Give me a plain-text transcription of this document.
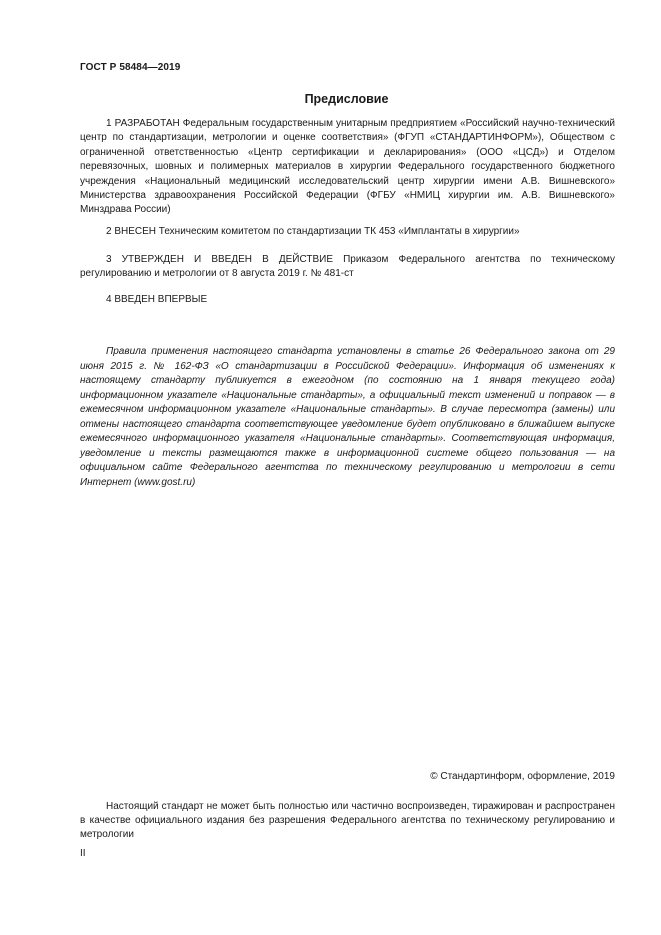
ГОСТ Р 58484—2019
Предисловие

1 РАЗРАБОТАН Федеральным государственным унитарным предприятием «Российский научно-технический центр по стандартизации, метрологии и оценке соответствия» (ФГУП «СТАНДАРТИНФОРМ»), Обществом с ограниченной ответственностью «Центр сертификации и декларирования» (ООО «ЦСД») и Отделом перевязочных, шовных и полимерных материалов в хирургии Федерального государственного бюджетного учреждения «Национальный медицинский исследовательский центр хирургии имени А.В. Вишневского» Министерства здравоохранения Российской Федерации (ФГБУ «НМИЦ хирургии им. А.В. Вишневского» Минздрава России)

2 ВНЕСЕН Техническим комитетом по стандартизации ТК 453 «Имплантаты в хирургии»

3 УТВЕРЖДЕН И ВВЕДЕН В ДЕЙСТВИЕ Приказом Федерального агентства по техническому регулированию и метрологии от 8 августа 2019 г. № 481-ст

4 ВВЕДЕН ВПЕРВЫЕ

Правила применения настоящего стандарта установлены в статье 26 Федерального закона от 29 июня 2015 г. № 162-ФЗ «О стандартизации в Российской Федерации». Информация об изменениях к настоящему стандарту публикуется в ежегодном (по состоянию на 1 января текущего года) информационном указателе «Национальные стандарты», а официальный текст изменений и поправок — в ежемесячном информационном указателе «Национальные стандарты». В случае пересмотра (замены) или отмены настоящего стандарта соответствующее уведомление будет опубликовано в ближайшем выпуске ежемесячного информационного указателя «Национальные стандарты». Соответствующая информация, уведомление и тексты размещаются также в информационной системе общего пользования — на официальном сайте Федерального агентства по техническому регулированию и метрологии в сети Интернет (www.gost.ru)

© Стандартинформ, оформление, 2019

Настоящий стандарт не может быть полностью или частично воспроизведен, тиражирован и распространен в качестве официального издания без разрешения Федерального агентства по техническому регулированию и метрологии

II
